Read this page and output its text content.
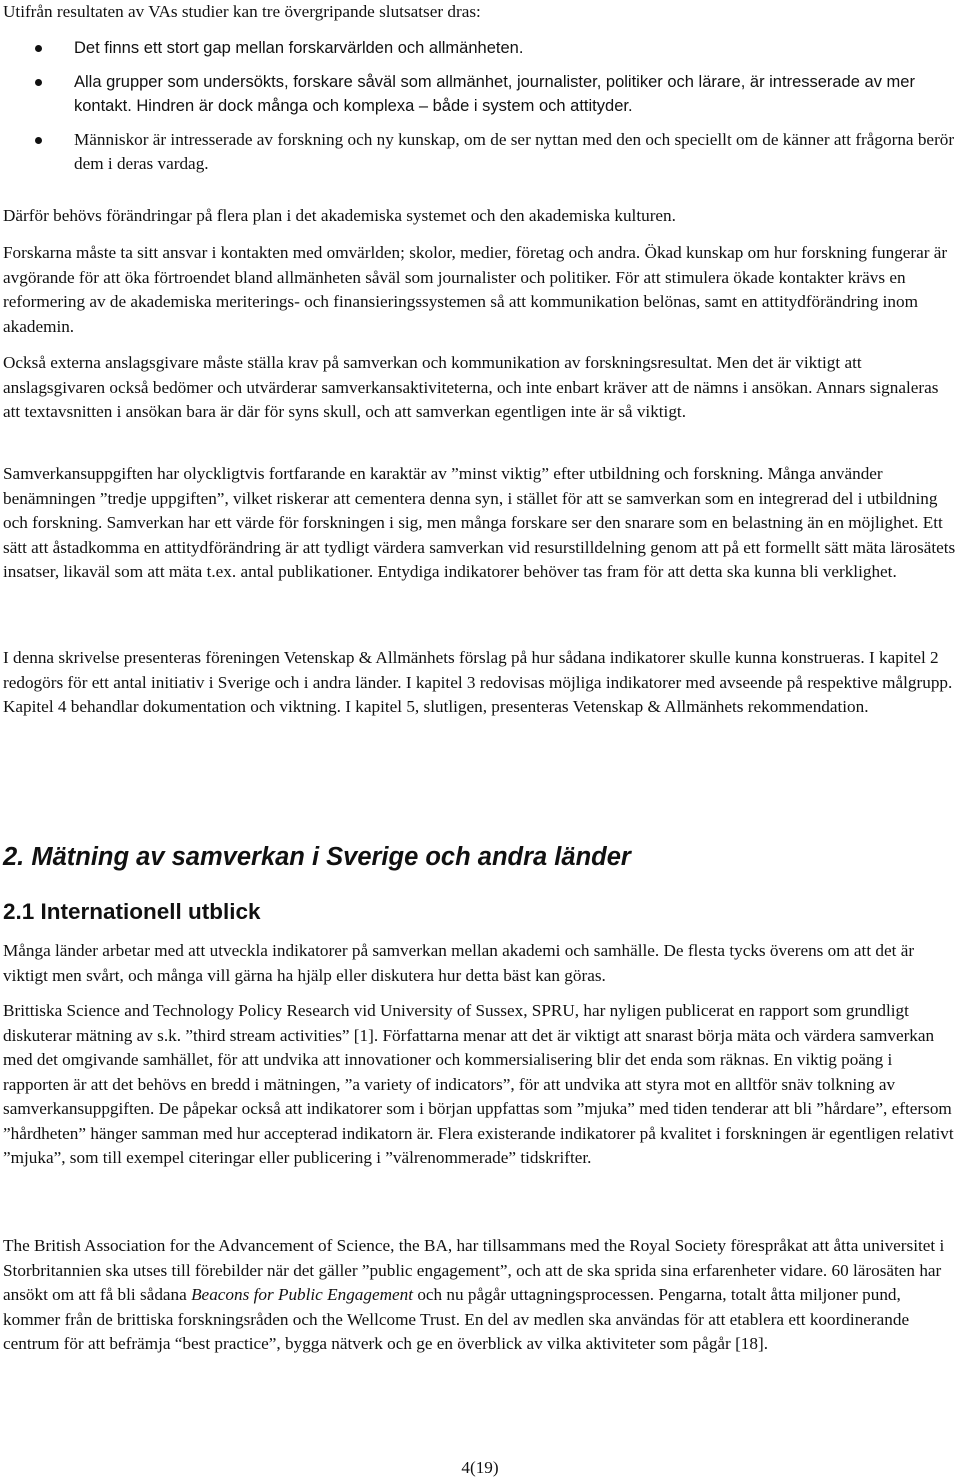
Utifrån resultaten av VAs studier kan tre övergripande slutsatser dras:

Det finns ett stort gap mellan forskarvärlden och allmänheten.
Alla grupper som undersökts, forskare såväl som allmänhet, journalister, politiker och lärare, är intresserade av mer kontakt. Hindren är dock många och komplexa – både i system och attityder.
Människor är intresserade av forskning och ny kunskap, om de ser nyttan med den och speciellt om de känner att frågorna berör dem i deras vardag.

Därför behövs förändringar på flera plan i det akademiska systemet och den akademiska kulturen.

Forskarna måste ta sitt ansvar i kontakten med omvärlden; skolor, medier, företag och andra. Ökad kunskap om hur forskning fungerar är avgörande för att öka förtroendet bland allmänheten såväl som journalister och politiker. För att stimulera ökade kontakter krävs en reformering av de akademiska meriterings- och finansieringssystemen så att kommunikation belönas, samt en attitydförändring inom akademin.

Också externa anslagsgivare måste ställa krav på samverkan och kommunikation av forskningsresultat. Men det är viktigt att anslagsgivaren också bedömer och utvärderar samverkansaktiviteterna, och inte enbart kräver att de nämns i ansökan. Annars signaleras att textavsnitten i ansökan bara är där för syns skull, och att samverkan egentligen inte är så viktigt.

Samverkansuppgiften har olyckligtvis fortfarande en karaktär av ”minst viktig” efter utbildning och forskning. Många använder benämningen ”tredje uppgiften”, vilket riskerar att cementera denna syn, i stället för att se samverkan som en integrerad del i utbildning och forskning. Samverkan har ett värde för forskningen i sig, men många forskare ser den snarare som en belastning än en möjlighet. Ett sätt att åstadkomma en attitydförändring är att tydligt värdera samverkan vid resurstilldelning genom att på ett formellt sätt mäta lärosätets insatser, likaväl som att mäta t.ex. antal publikationer. Entydiga indikatorer behöver tas fram för att detta ska kunna bli verklighet.

I denna skrivelse presenteras föreningen Vetenskap & Allmänhets förslag på hur sådana indikatorer skulle kunna konstrueras. I kapitel 2 redogörs för ett antal initiativ i Sverige och i andra länder. I kapitel 3 redovisas möjliga indikatorer med avseende på respektive målgrupp. Kapitel 4 behandlar dokumentation och viktning. I kapitel 5, slutligen, presenteras Vetenskap & Allmänhets rekommendation.

2. Mätning av samverkan i Sverige och andra länder
2.1 Internationell utblick

Många länder arbetar med att utveckla indikatorer på samverkan mellan akademi och samhälle. De flesta tycks överens om att det är viktigt men svårt, och många vill gärna ha hjälp eller diskutera hur detta bäst kan göras.

Brittiska Science and Technology Policy Research vid University of Sussex, SPRU, har nyligen publicerat en rapport som grundligt diskuterar mätning av s.k. ”third stream activities” [1]. Författarna menar att det är viktigt att snarast börja mäta och värdera samverkan med det omgivande samhället, för att undvika att innovationer och kommersialisering blir det enda som räknas. En viktig poäng i rapporten är att det behövs en bredd i mätningen, ”a variety of indicators”, för att undvika att styra mot en alltför snäv tolkning av samverkansuppgiften. De påpekar också att indikatorer som i början uppfattas som ”mjuka” med tiden tenderar att bli ”hårdare”, eftersom ”hårdheten” hänger samman med hur accepterad indikatorn är. Flera existerande indikatorer på kvalitet i forskningen är egentligen relativt ”mjuka”, som till exempel citeringar eller publicering i ”välrenommerade” tidskrifter.

The British Association for the Advancement of Science, the BA, har tillsammans med the Royal Society förespråkat att åtta universitet i Storbritannien ska utses till förebilder när det gäller ”public engagement”, och att de ska sprida sina erfarenheter vidare. 60 lärosäten har ansökt om att få bli sådana Beacons for Public Engagement och nu pågår uttagningsprocessen. Pengarna, totalt åtta miljoner pund, kommer från de brittiska forskningsråden och the Wellcome Trust. En del av medlen ska användas för att etablera ett koordinerande centrum för att befrämja “best practice”, bygga nätverk och ge en överblick av vilka aktiviteter som pågår [18].

4(19)
